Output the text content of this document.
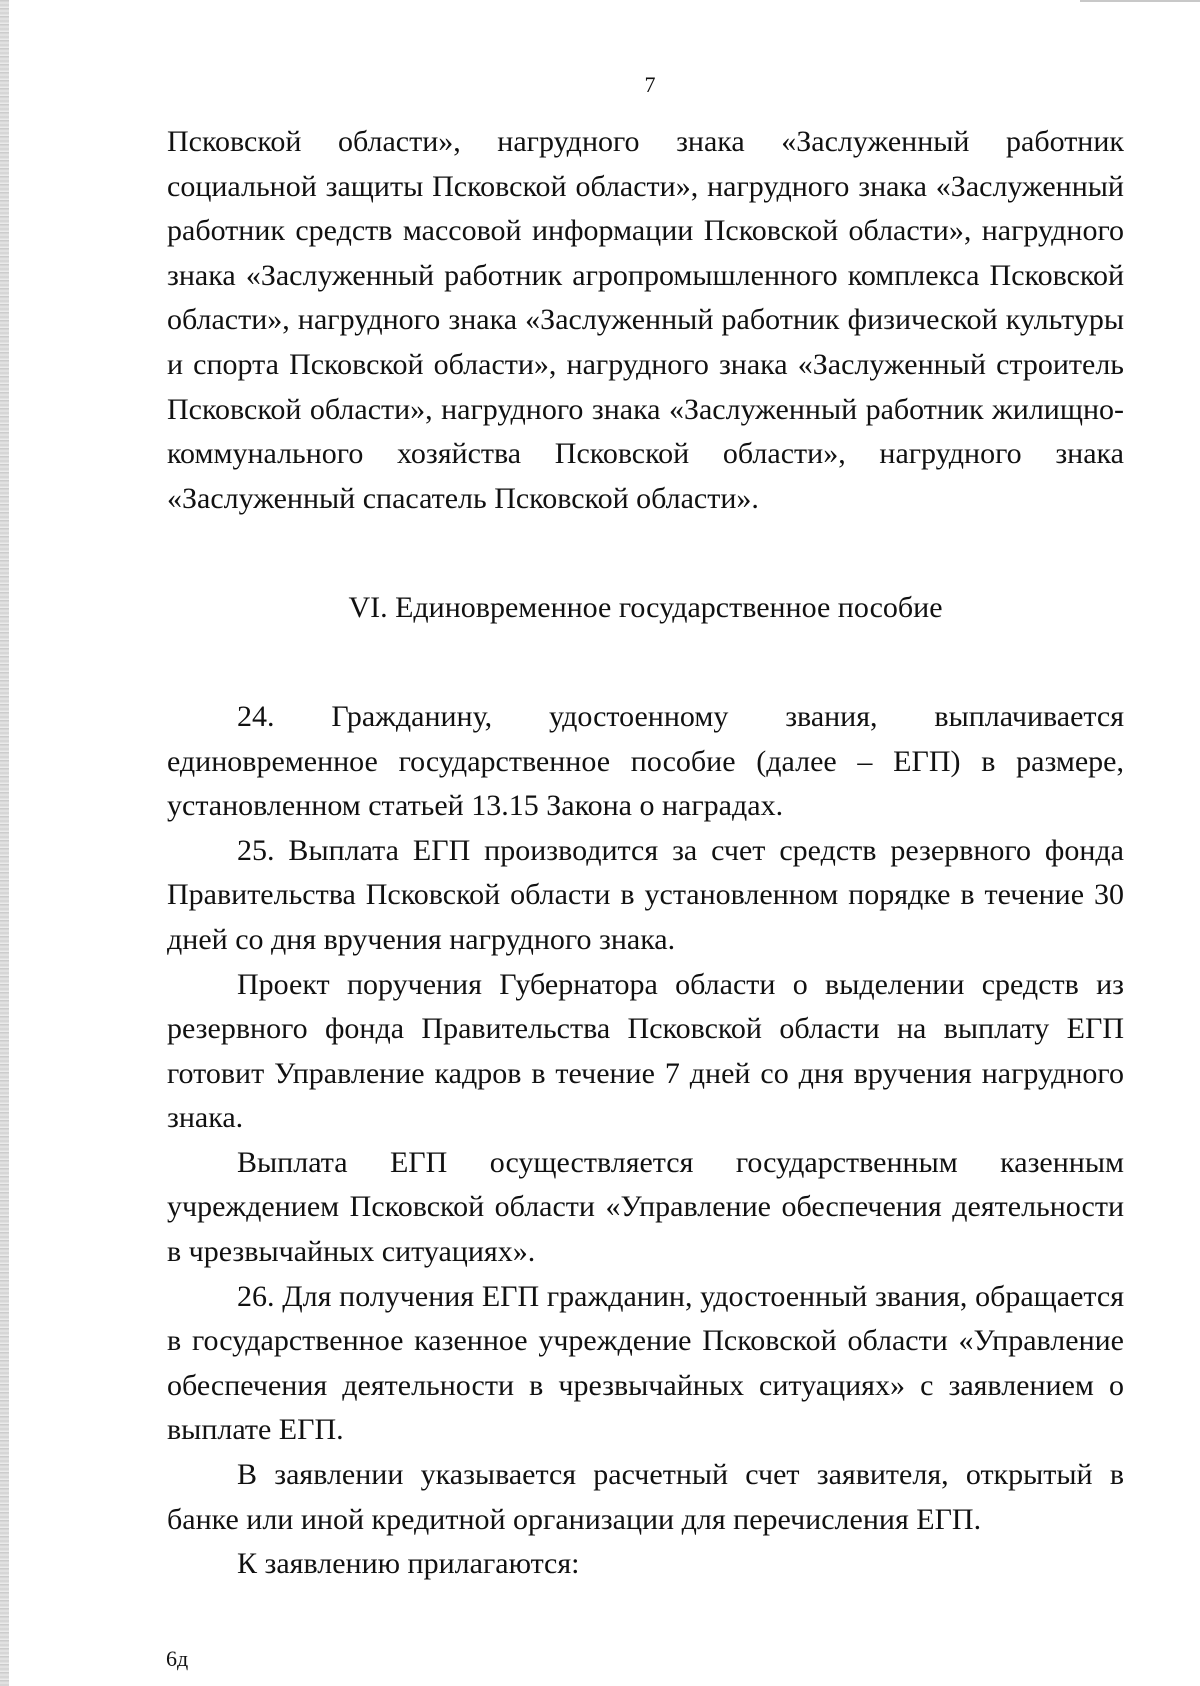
7

Псковской области», нагрудного знака «Заслуженный работник социальной защиты Псковской области», нагрудного знака «Заслуженный работник средств массовой информации Псковской области», нагрудного знака «Заслуженный работник агропромышленного комплекса Псковской области», нагрудного знака «Заслуженный работник физической культуры и спорта Псковской области», нагрудного знака «Заслуженный строитель Псковской области», нагрудного знака «Заслуженный работник жилищно-коммунального хозяйства Псковской области», нагрудного знака «Заслуженный спасатель Псковской области».

VI. Единовременное государственное пособие

24. Гражданину, удостоенному звания, выплачивается единовременное государственное пособие (далее – ЕГП) в размере, установленном статьей 13.15 Закона о наградах.

25. Выплата ЕГП производится за счет средств резервного фонда Правительства Псковской области в установленном порядке в течение 30 дней со дня вручения нагрудного знака.

Проект поручения Губернатора области о выделении средств из резервного фонда Правительства Псковской области на выплату ЕГП готовит Управление кадров в течение 7 дней со дня вручения нагрудного знака.

Выплата ЕГП осуществляется государственным казенным учреждением Псковской области «Управление обеспечения деятельности в чрезвычайных ситуациях».

26. Для получения ЕГП гражданин, удостоенный звания, обращается в государственное казенное учреждение Псковской области «Управление обеспечения деятельности в чрезвычайных ситуациях» с заявлением о выплате ЕГП.

В заявлении указывается расчетный счет заявителя, открытый в банке или иной кредитной организации для перечисления ЕГП.

К заявлению прилагаются:

6д
